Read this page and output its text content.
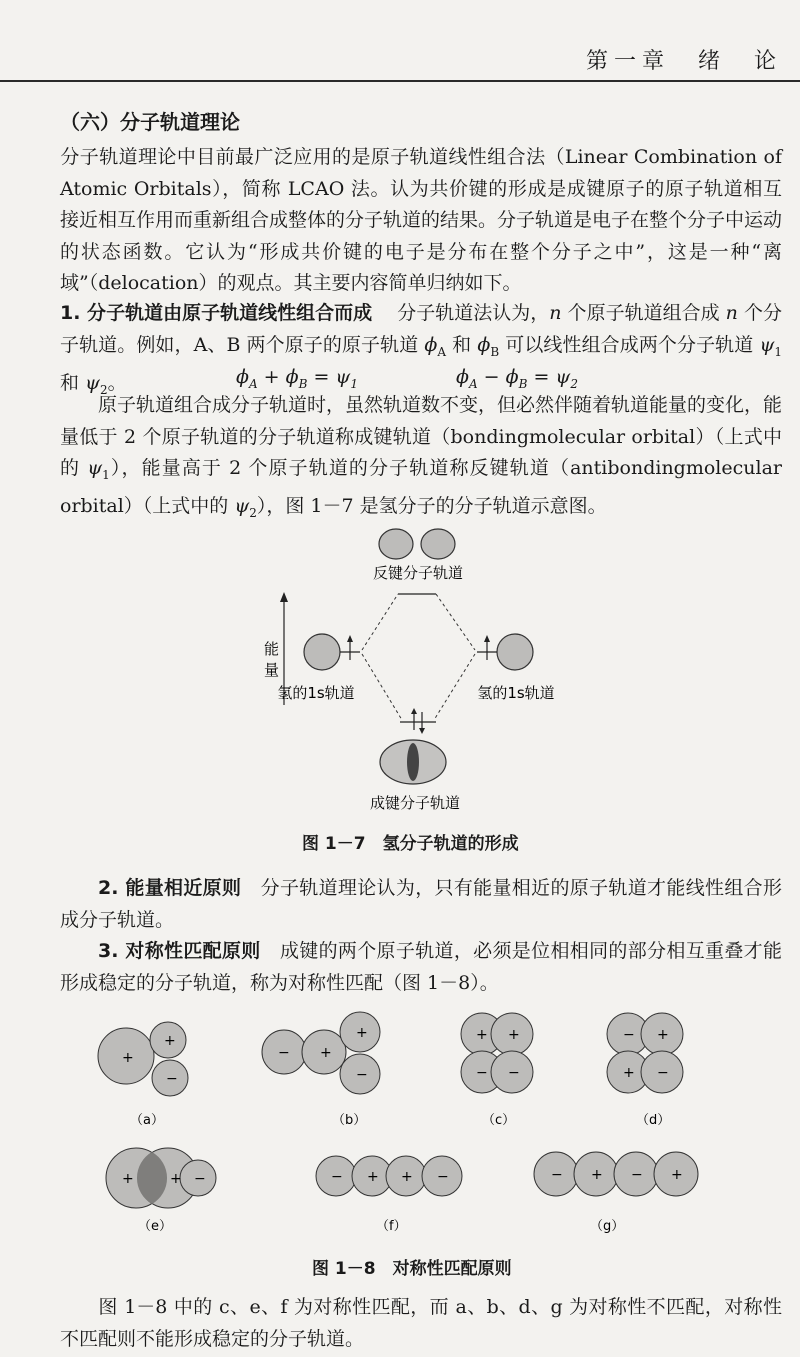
第一章　绪　论
（六）分子轨道理论

分子轨道理论中目前最广泛应用的是原子轨道线性组合法（Linear Combination of Atomic Orbitals），简称 LCAO 法。认为共价键的形成是成键原子的原子轨道相互接近相互作用而重新组合成整体的分子轨道的结果。分子轨道是电子在整个分子中运动的状态函数。它认为“形成共价键的电子是分布在整个分子之中”，这是一种“离域”（delocation）的观点。其主要内容简单归纳如下。

1. 分子轨道由原子轨道线性组合而成   分子轨道法认为，n 个原子轨道组合成 n 个分子轨道。例如，A、B 两个原子的原子轨道 $\phi_A$ 和 $\phi_B$ 可以线性组合成两个分子轨道 $\psi_1$ 和 $\psi_2$。	$\phi_A + \phi_B = \psi_1$	$\phi_A - \phi_B = \psi_2$

  原子轨道组合成分子轨道时，虽然轨道数不变，但必然伴随着轨道能量的变化，能量低于 2 个原子轨道的分子轨道称成键轨道（bondingmolecular orbital）（上式中的 $\psi_1$），能量高于 2 个原子轨道的分子轨道称反键轨道（antibondingmolecular orbital）（上式中的 $\psi_2$），图 1－7 是氢分子的分子轨道示意图。

反键分子轨道
能
量
氢的1s轨道	氢的1s轨道
成键分子轨道
图 1－7　氢分子轨道的形成

  2. 能量相近原则  分子轨道理论认为，只有能量相近的原子轨道才能线性组合形成分子轨道。

  3. 对称性匹配原则  成键的两个原子轨道，必须是位相相同的部分相互重叠才能形成稳定的分子轨道，称为对称性匹配（图 1－8）。

+
+
−
（a）
− +
+
−
（b）
+ +
− −
（c）
− +
+ −
（d）
+	+ −
（e）
− + + −
（f）
− + − +
（g）
图 1－8　对称性匹配原则

  图 1－8 中的 c、e、f 为对称性匹配，而 a、b、d、g 为对称性不匹配，对称性不匹配则不能形成稳定的分子轨道。
